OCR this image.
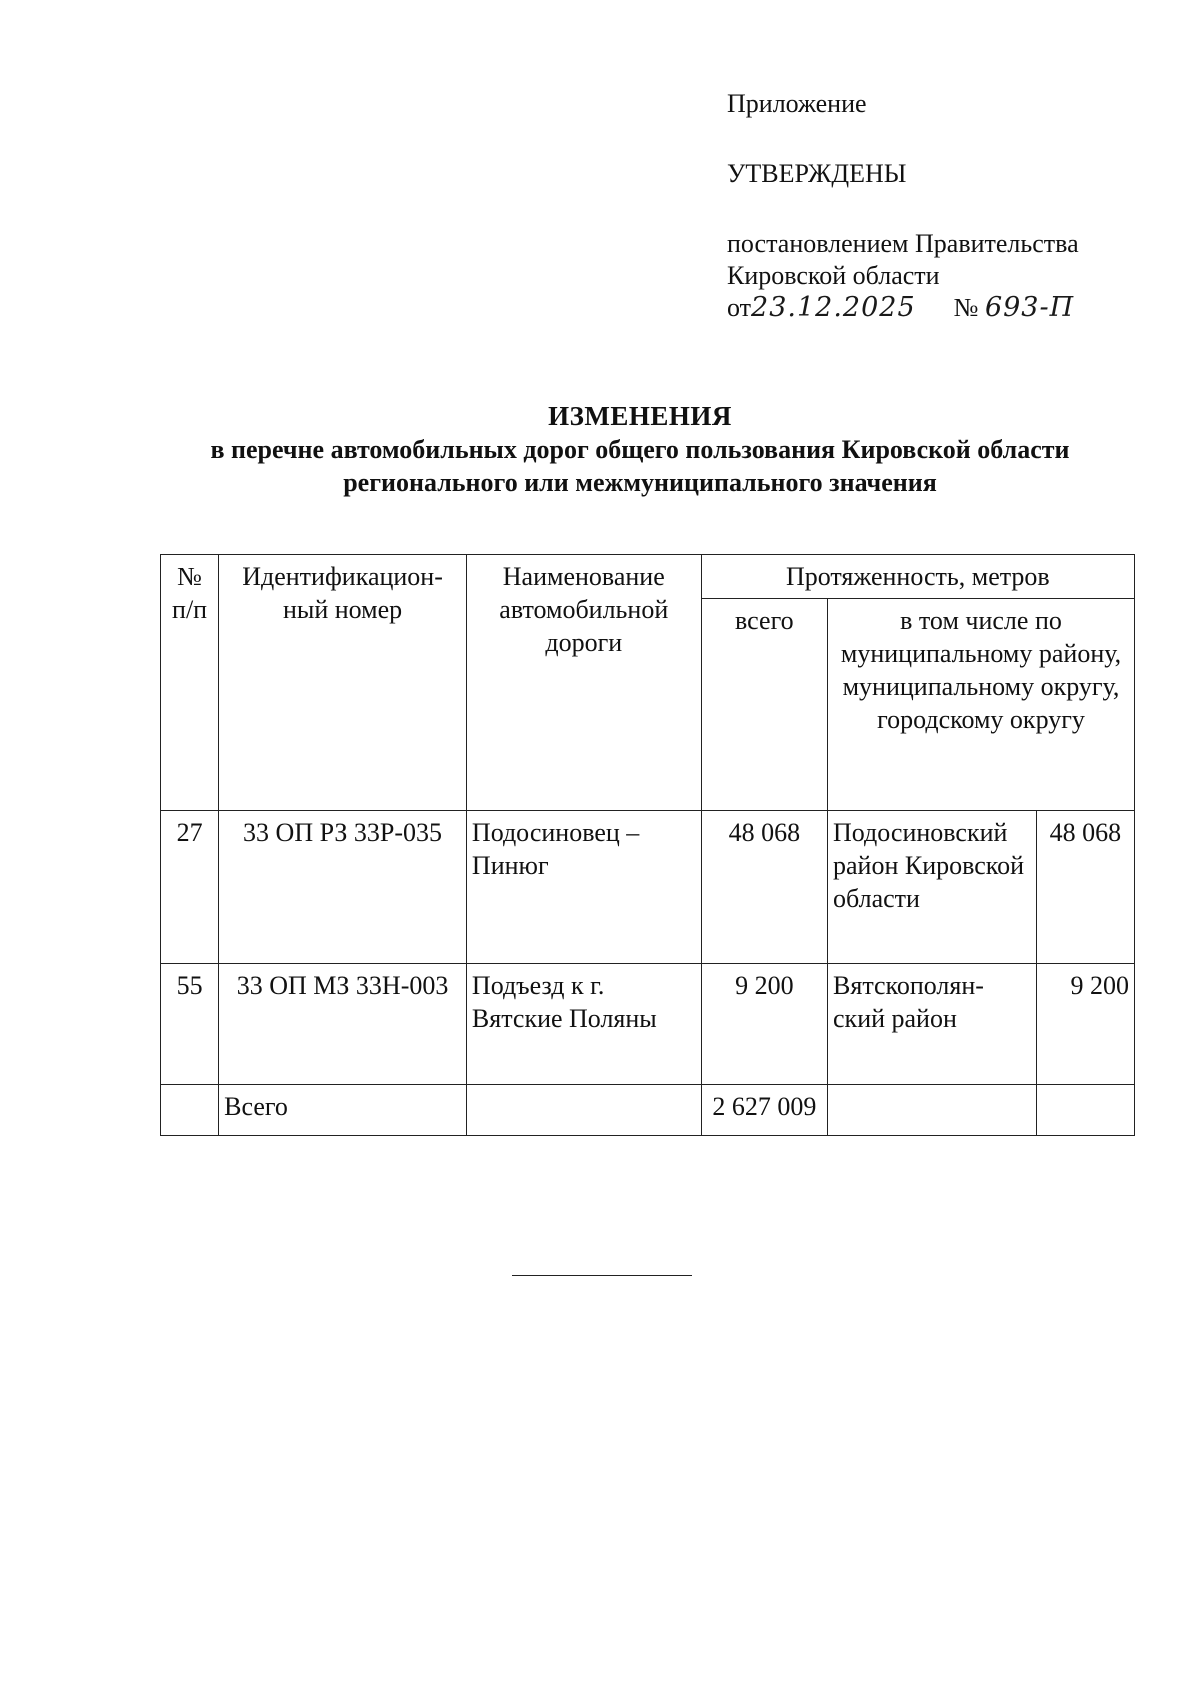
Приложение
УТВЕРЖДЕНЫ
постановлением Правительства
Кировской области
от23.12.2025 № 693-П
ИЗМЕНЕНИЯ
в перечне автомобильных дорог общего пользования Кировской области
регионального или межмуниципального значения
№ п/п	Идентификацион-ный номер	Наименование автомобильной дороги	Протяженность, метров		
			всего	в том числе по муниципальному району, муниципальному округу, городскому округу	
27	33 ОП РЗ 33Р-035	Подосиновец – Пинюг	48 068	Подосиновский район Кировской области	48 068
55	33 ОП МЗ 33Н-003	Подъезд к г. Вятские Поляны	9 200	Вятскополян-ский район	9 200
	Всего		2 627 009		
